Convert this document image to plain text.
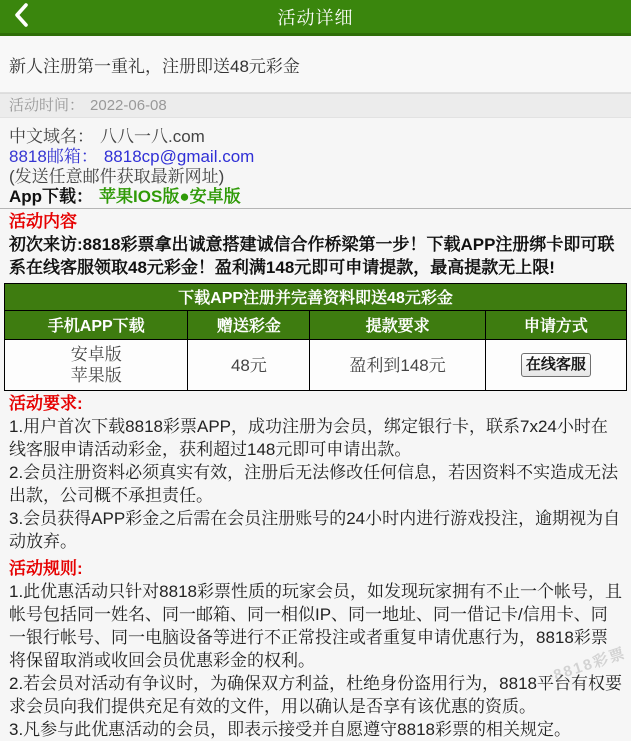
活动详细
新人注册第一重礼，注册即送48元彩金
活动时间： 2022-06-08
中文域名： 八八一八.com
8818邮箱： 8818cp@gmail.com
(发送任意邮件获取最新网址)
App下载： 苹果IOS版●安卓版
活动内容
初次来访:8818彩票拿出诚意搭建诚信合作桥梁第一步！下载APP注册绑卡即可联系在线客服领取48元彩金！盈利满148元即可申请提款，最高提款无上限!
下载APP注册并完善资料即送48元彩金			
手机APP下载	赠送彩金	提款要求	申请方式

安卓版
苹果版	48元	盈利到148元	在线客服
活动要求:
1.用户首次下载8818彩票APP，成功注册为会员，绑定银行卡，联系7x24小时在线客服申请活动彩金，获利超过148元即可申请出款。
2.会员注册资料必须真实有效，注册后无法修改任何信息，若因资料不实造成无法出款，公司概不承担责任。
3.会员获得APP彩金之后需在会员注册账号的24小时内进行游戏投注，逾期视为自动放弃。
活动规则:
1.此优惠活动只针对8818彩票性质的玩家会员，如发现玩家拥有不止一个帐号，且帐号包括同一姓名、同一邮箱、同一相似IP、同一地址、同一借记卡/信用卡、同一银行帐号、同一电脑设备等进行不正常投注或者重复申请优惠行为，8818彩票将保留取消或收回会员优惠彩金的权利。
2.若会员对活动有争议时，为确保双方利益，杜绝身份盗用行为，8818平台有权要求会员向我们提供充足有效的文件，用以确认是否享有该优惠的资质。
3.凡参与此优惠活动的会员，即表示接受并自愿遵守8818彩票的相关规定。
8818彩票
